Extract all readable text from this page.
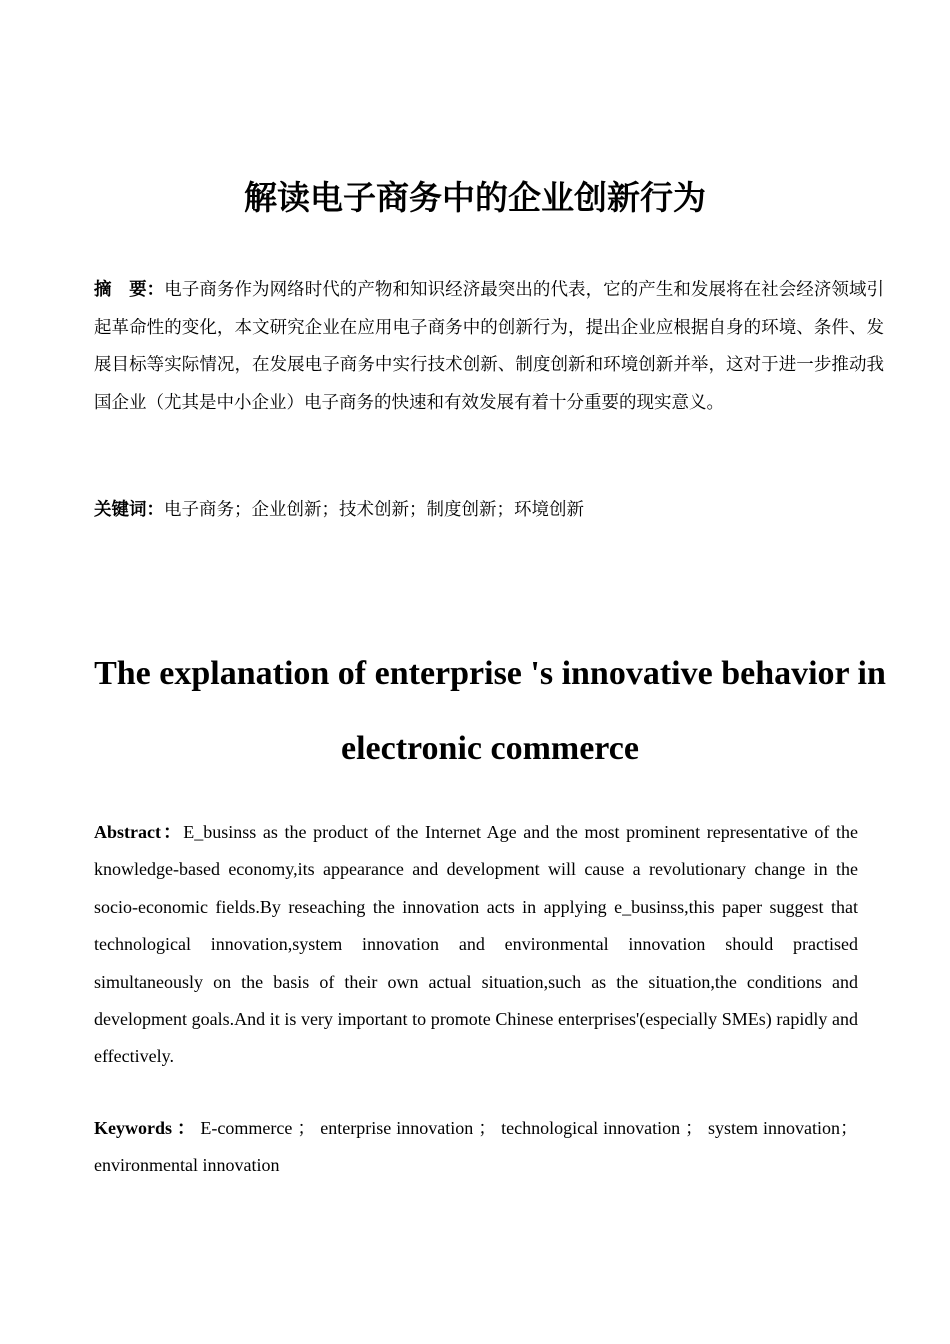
解读电子商务中的企业创新行为
摘　要：电子商务作为网络时代的产物和知识经济最突出的代表，它的产生和发展将在社会经济领域引起革命性的变化，本文研究企业在应用电子商务中的创新行为，提出企业应根据自身的环境、条件、发展目标等实际情况，在发展电子商务中实行技术创新、制度创新和环境创新并举，这对于进一步推动我国企业（尤其是中小企业）电子商务的快速和有效发展有着十分重要的现实意义。
关键词：电子商务；企业创新；技术创新；制度创新；环境创新
The explanation of enterprise 's innovative behavior in electronic commerce
Abstract：E_businss as the product of the Internet Age and the most prominent representative of the knowledge-based economy,its appearance and development will cause a revolutionary change in the socio-economic fields.By reseaching the innovation acts in applying e_businss,this paper suggest that technological innovation,system innovation and environmental innovation should practised simultaneously on the basis of their own actual situation,such as the situation,the conditions and development goals.And it is very important to promote Chinese enterprises'(especially SMEs) rapidly and effectively.
Keywords ： E-commerce ； enterprise innovation ； technological innovation ； system innovation；environmental innovation
